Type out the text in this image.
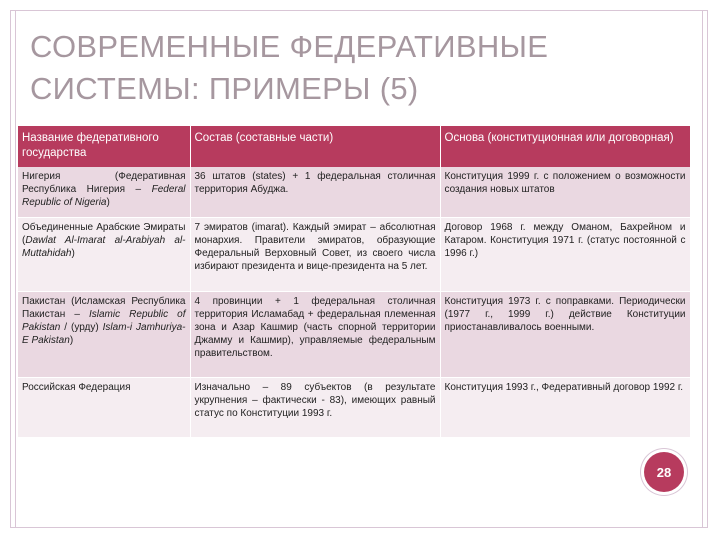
СОВРЕМЕННЫЕ ФЕДЕРАТИВНЫЕ
СИСТЕМЫ: ПРИМЕРЫ (5)
Название федеративного государства	Состав (составные части)	Основа (конституционная или договорная)
Нигерия (Федеративная Республика Нигерия – Federal Republic of Nigeria)	36 штатов (states) + 1 федеральная столичная территория Абуджа.	Конституция 1999 г. с положением о возможности создания новых штатов
Объединенные Арабские Эмираты (Dawlat Al-Imarat al-Arabiyah al-Muttahidah)	7 эмиратов (imarat). Каждый эмират – абсолютная монархия. Правители эмиратов, образующие Федеральный Верховный Совет, из своего числа избирают президента и вице-президента на 5 лет.	Договор 1968 г. между Оманом, Бахрейном и Катаром. Конституция 1971 г. (статус постоянной с 1996 г.)
Пакистан (Исламская Республика Пакистан – Islamic Republic of Pakistan / (урду) Islam-i Jamhuriya-E Pakistan)	4 провинции + 1 федеральная столичная территория Исламабад + федеральная племенная зона и Азар Кашмир (часть спорной территории Джамму и Кашмир), управляемые федеральным правительством.	Конституция 1973 г. с поправками. Периодически (1977 г., 1999 г.) действие Конституции приостанавливалось военными.
Российская Федерация	Изначально – 89 субъектов (в результате укрупнения – фактически - 83), имеющих равный статус по Конституции 1993 г.	Конституция 1993 г., Федеративный договор 1992 г.
28
